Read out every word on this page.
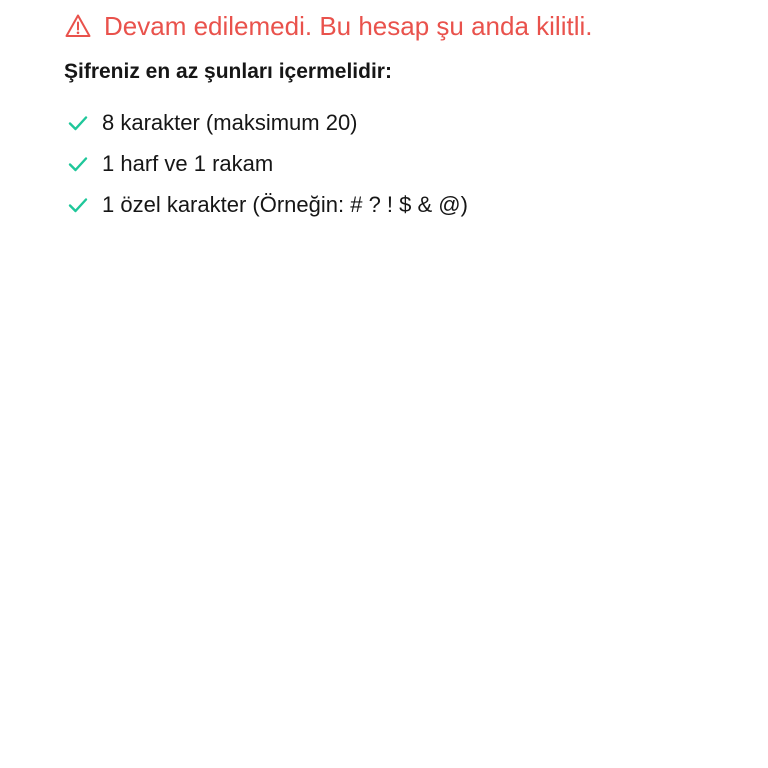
Devam edilemedi. Bu hesap şu anda kilitli.
Şifreniz en az şunları içermelidir:
8 karakter (maksimum 20)
1 harf ve 1 rakam
1 özel karakter (Örneğin: # ? ! $ & @)
